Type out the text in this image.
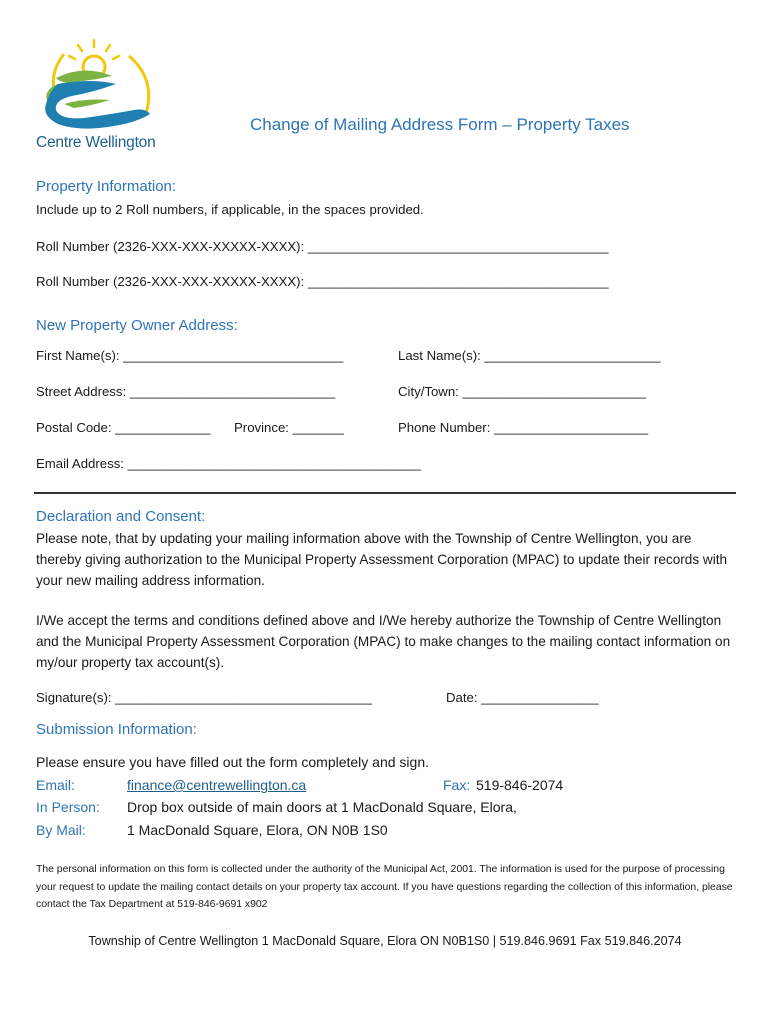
Centre Wellington
Change of Mailing Address Form – Property Taxes
Property Information:
Include up to 2 Roll numbers, if applicable, in the spaces provided.
Roll Number (2326-XXX-XXX-XXXXX-XXXX): _________________________________________
Roll Number (2326-XXX-XXX-XXXXX-XXXX): _________________________________________
New Property Owner Address:
First Name(s): ______________________________	Last Name(s): ________________________
Street Address: ____________________________	City/Town: _________________________
Postal Code: _____________ Province: _______	Phone Number: _____________________
Email Address: ________________________________________
Declaration and Consent:
Please note, that by updating your mailing information above with the Township of Centre Wellington, you are thereby giving authorization to the Municipal Property Assessment Corporation (MPAC) to update their records with your new mailing address information.
I/We accept the terms and conditions defined above and I/We hereby authorize the Township of Centre Wellington and the Municipal Property Assessment Corporation (MPAC) to make changes to the mailing contact information on my/our property tax account(s).
Signature(s): ___________________________________	Date: ________________
Submission Information:
Please ensure you have filled out the form completely and sign.
Email:	finance@centrewellington.ca	Fax: 519-846-2074
In Person: Drop box outside of main doors at 1 MacDonald Square, Elora,
By Mail:	1 MacDonald Square, Elora, ON N0B 1S0
The personal information on this form is collected under the authority of the Municipal Act, 2001. The information is used for the purpose of processing your request to update the mailing contact details on your property tax account. If you have questions regarding the collection of this information, please contact the Tax Department at 519-846-9691 x902
Township of Centre Wellington 1 MacDonald Square, Elora ON N0B1S0 | 519.846.9691 Fax 519.846.2074
